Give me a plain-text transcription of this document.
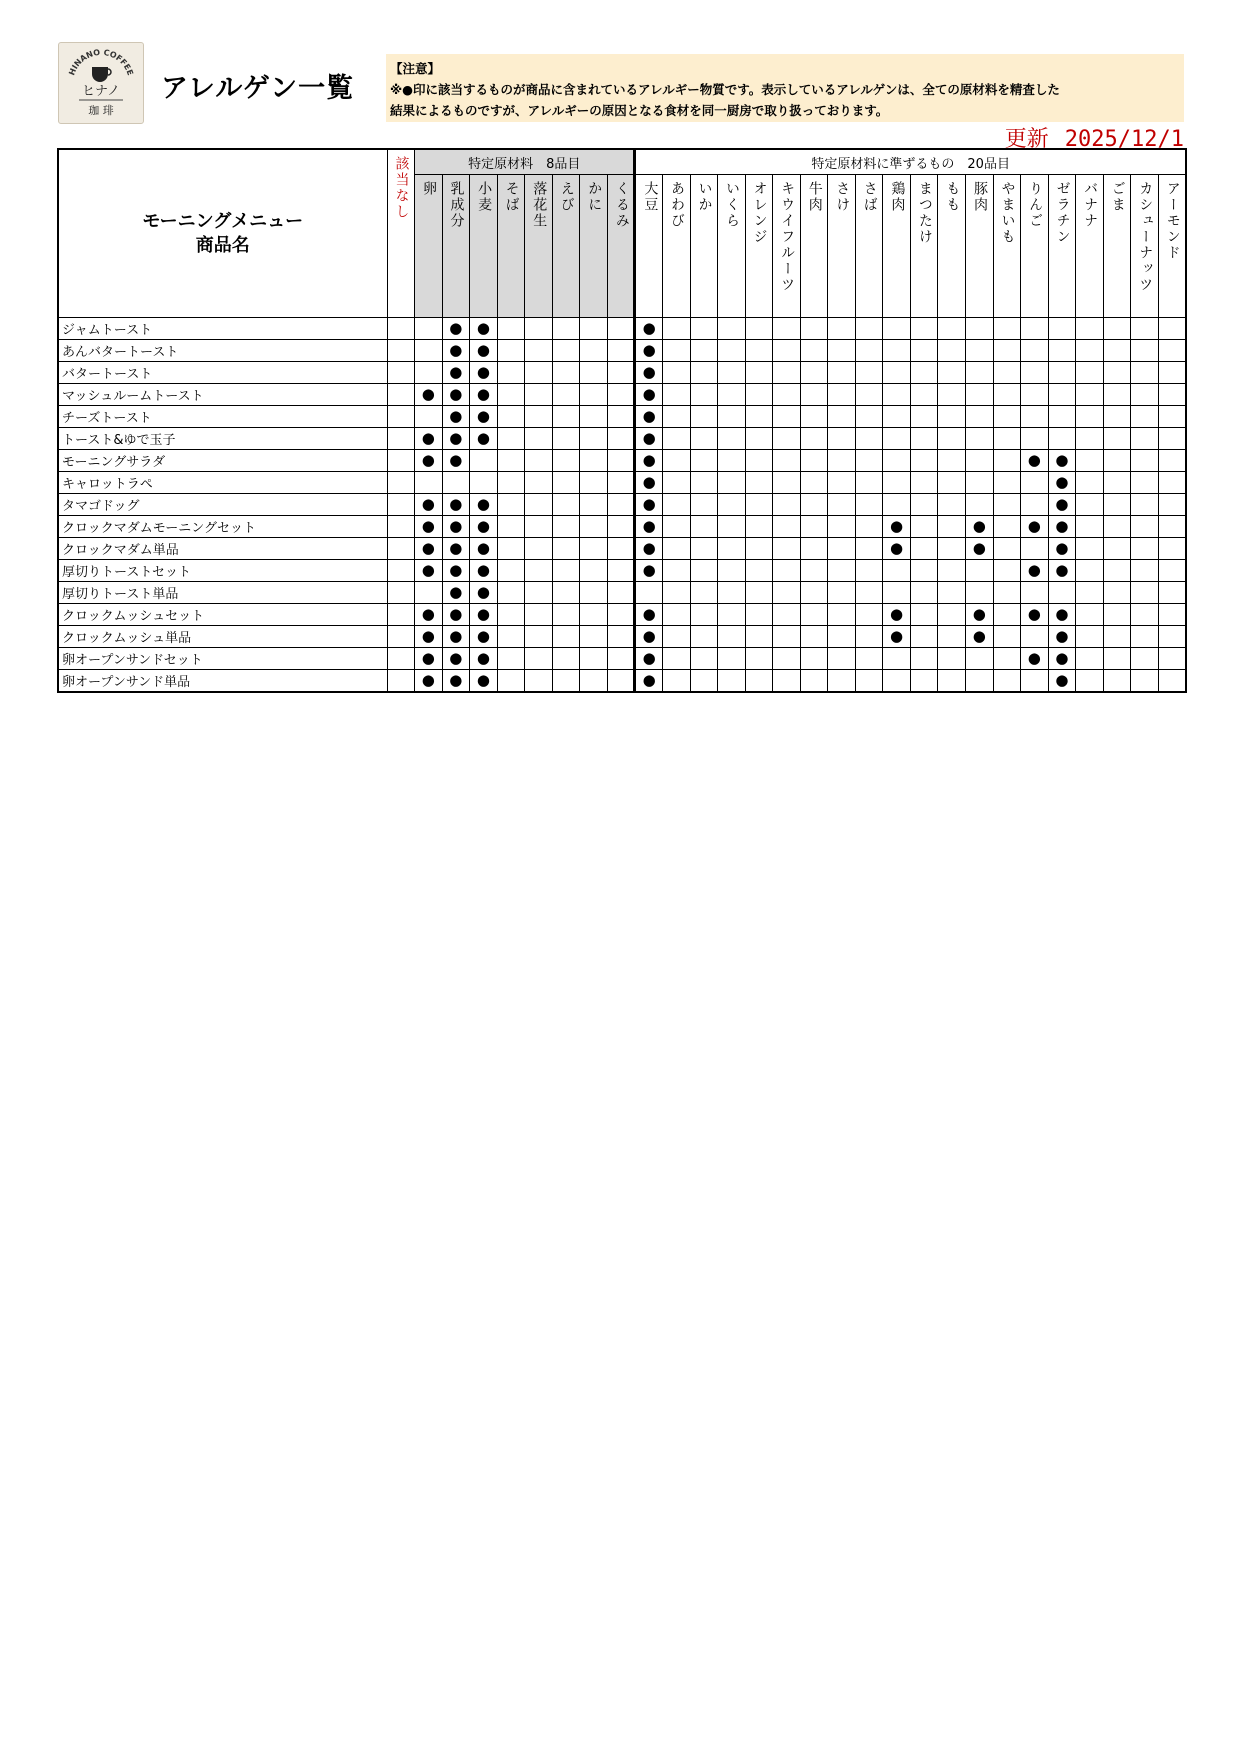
HINANO COFFEE
ヒナノ
珈 琲
アレルゲン一覧
【注意】
※●印に該当するものが商品に含まれているアレルギー物質です。表示しているアレルゲンは、全ての原材料を精査した
結果によるものですが、アレルギーの原因となる食材を同一厨房で取り扱っております。
更新 2025/12/1
モーニングメニュー
商品名	該当なし	特定原材料　8品目								特定原材料に準ずるもの　20品目																			

		卵	乳成分	小麦	そば	落花生	えび	かに	くるみ	大豆	あわび	いか	いくら	オレンジ	キウイフルーツ	牛肉	さけ	さば	鶏肉	まつたけ	もも	豚肉	やまいも	りんご	ゼラチン	バナナ	ごま	カシューナッツ	アーモンド

ジャムトースト			●	●						●																			
あんバタートースト			●	●						●																			
バタートースト			●	●						●																			
マッシュルームトースト		●	●	●						●																			
チーズトースト			●	●						●																			
トースト&ゆで玉子		●	●	●						●																			
モーニングサラダ		●	●							●														●	●				
キャロットラペ										●															●				
タマゴドッグ		●	●	●						●															●				
クロックマダムモーニングセット		●	●	●						●									●			●		●	●				
クロックマダム単品		●	●	●						●									●			●			●				
厚切りトーストセット		●	●	●						●														●	●				
厚切りトースト単品			●	●																									
クロックムッシュセット		●	●	●						●									●			●		●	●				
クロックムッシュ単品		●	●	●						●									●			●			●				
卵オープンサンドセット		●	●	●						●														●	●				
卵オープンサンド単品		●	●	●						●															●				
